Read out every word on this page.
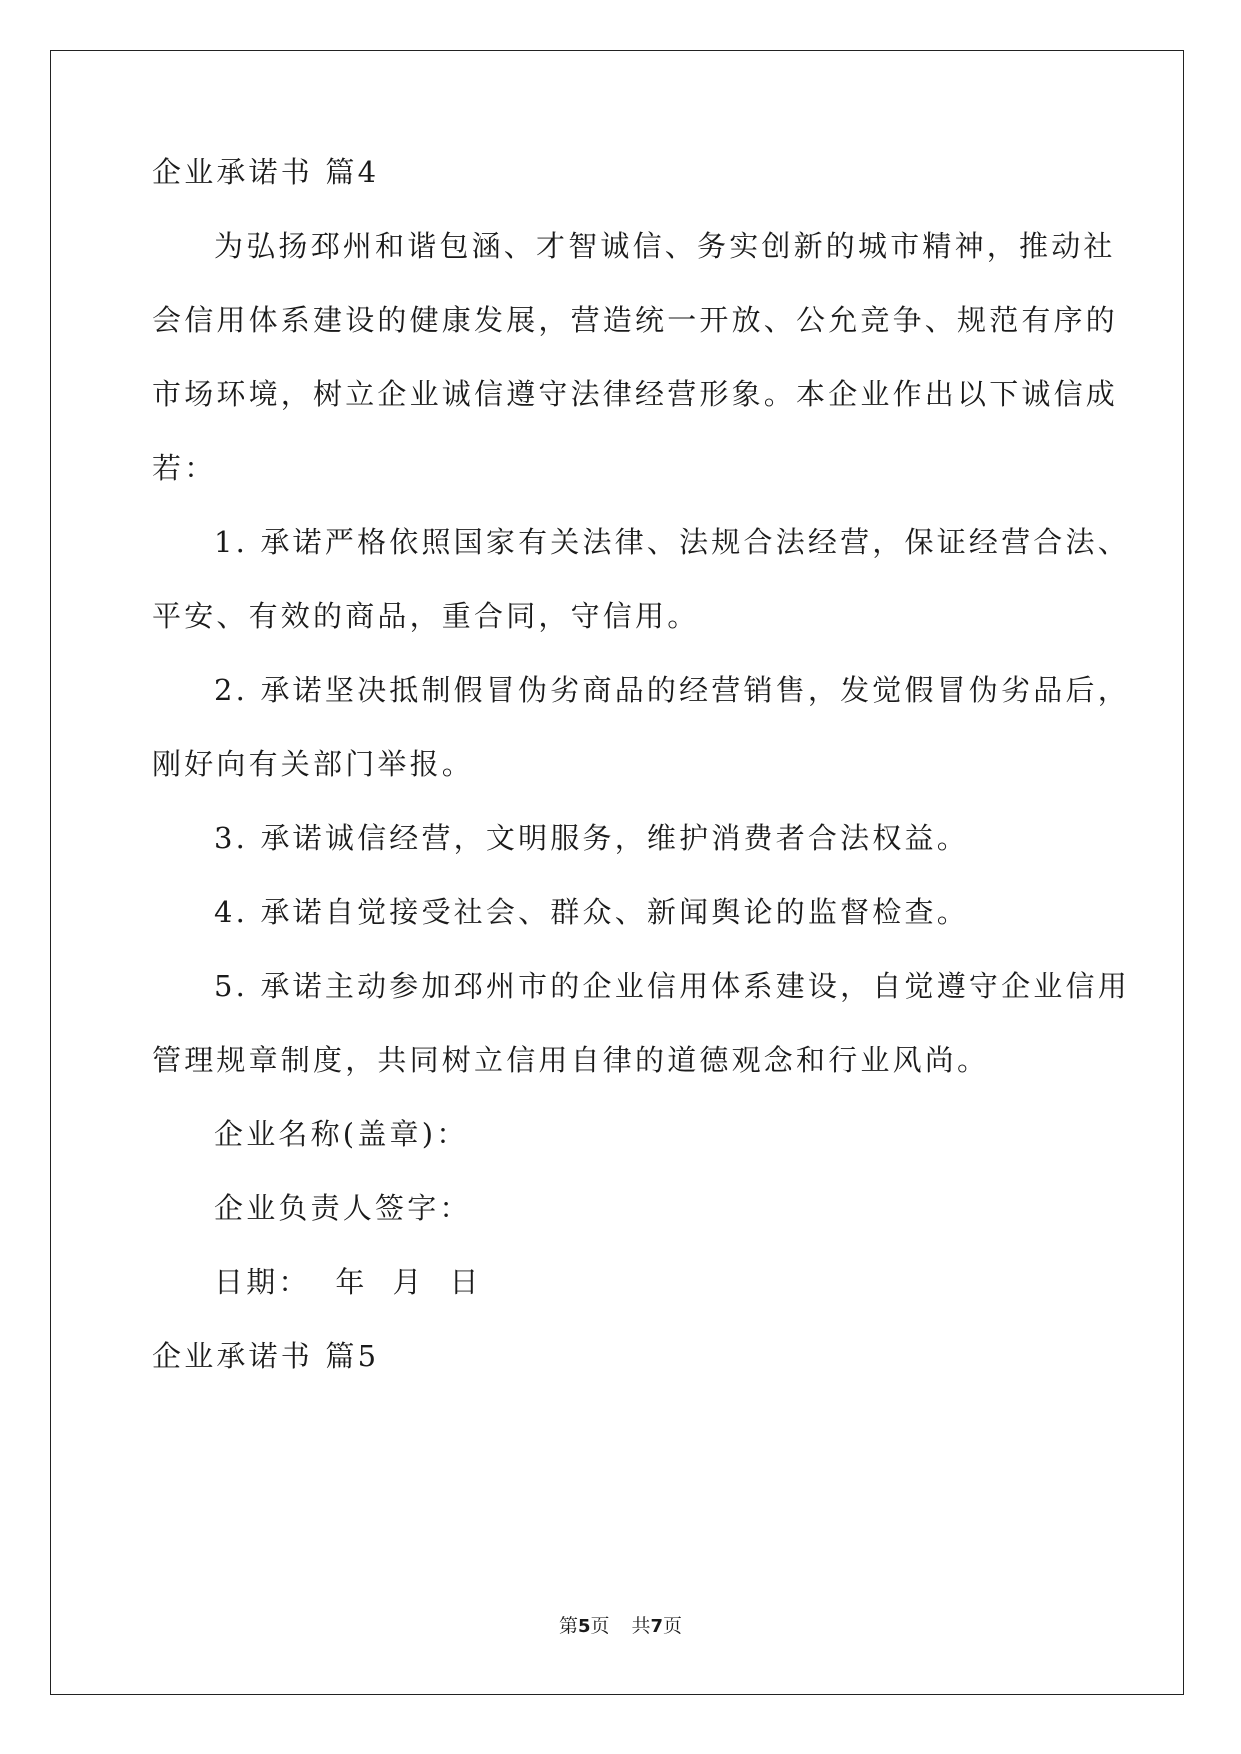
企业承诺书 篇4
为弘扬邳州和谐包涵、才智诚信、务实创新的城市精神，推动社
会信用体系建设的健康发展，营造统一开放、公允竞争、规范有序的
市场环境，树立企业诚信遵守法律经营形象。本企业作出以下诚信成
若：
1. 承诺严格依照国家有关法律、法规合法经营，保证经营合法、
平安、有效的商品，重合同，守信用。
2. 承诺坚决抵制假冒伪劣商品的经营销售，发觉假冒伪劣品后，
刚好向有关部门举报。
3. 承诺诚信经营，文明服务，维护消费者合法权益。
4. 承诺自觉接受社会、群众、新闻舆论的监督检查。
5. 承诺主动参加邳州市的企业信用体系建设，自觉遵守企业信用
管理规章制度，共同树立信用自律的道德观念和行业风尚。
企业名称(盖章)：
企业负责人签字：
日期：  年  月  日
企业承诺书 篇5
第5页 共7页
